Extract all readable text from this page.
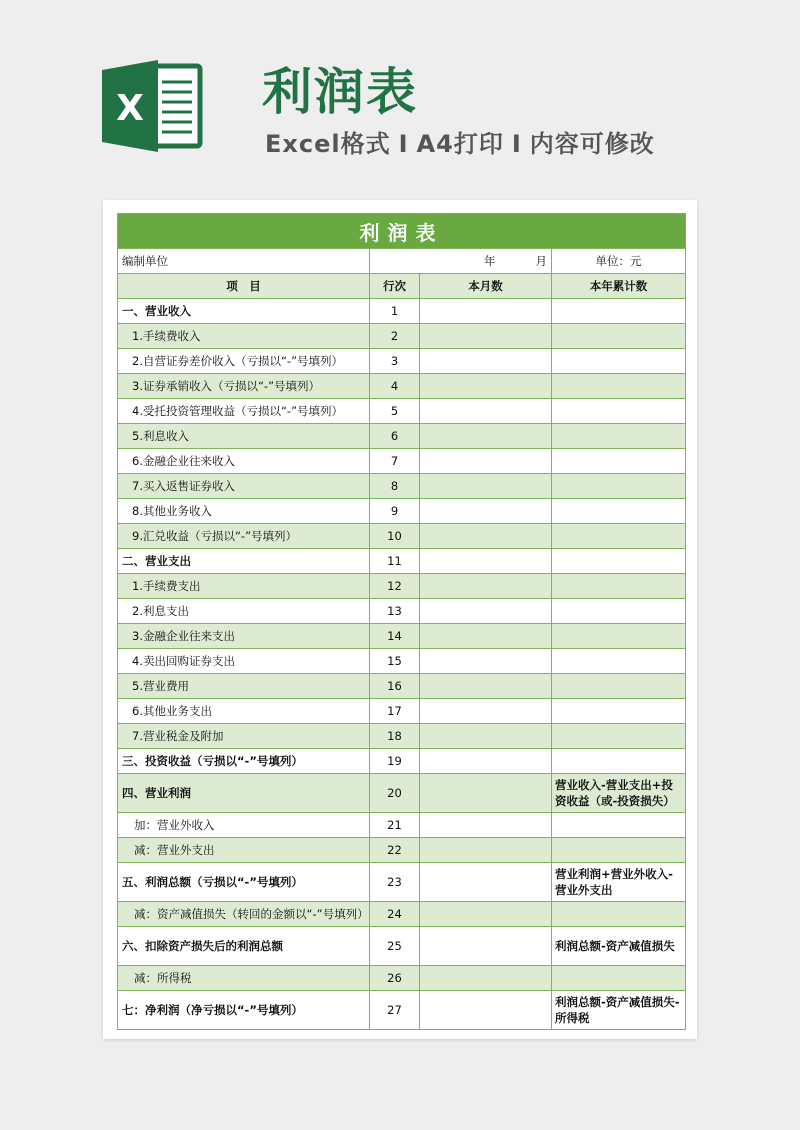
X 利润表
Excel格式 I A4打印 I 内容可修改
利润表			
编制单位	年 月		单位：元
项　目	行次	本月数	本年累计数
一、营业收入	1		
1.手续费收入	2		
2.自营证券差价收入（亏损以“-”号填列）	3		
3.证券承销收入（亏损以“-”号填列）	4		
4.受托投资管理收益（亏损以“-”号填列）	5		
5.利息收入	6		
6.金融企业往来收入	7		
7.买入返售证券收入	8		
8.其他业务收入	9		
9.汇兑收益（亏损以“-”号填列）	10		
二、营业支出	11		
1.手续费支出	12		
2.利息支出	13		
3.金融企业往来支出	14		
4.卖出回购证券支出	15		
5.营业费用	16		
6.其他业务支出	17		
7.营业税金及附加	18		
三、投资收益（亏损以“-”号填列）	19		
四、营业利润	20		营业收入-营业支出+投资收益（或-投资损失）
加：营业外收入	21		
减：营业外支出	22		
五、利润总额（亏损以“-”号填列）	23		营业利润+营业外收入-营业外支出
减：资产减值损失（转回的金额以“-”号填列）	24		
六、扣除资产损失后的利润总额	25		利润总额-资产减值损失
减：所得税	26		
七：净利润（净亏损以“-”号填列）	27		利润总额-资产减值损失-所得税
